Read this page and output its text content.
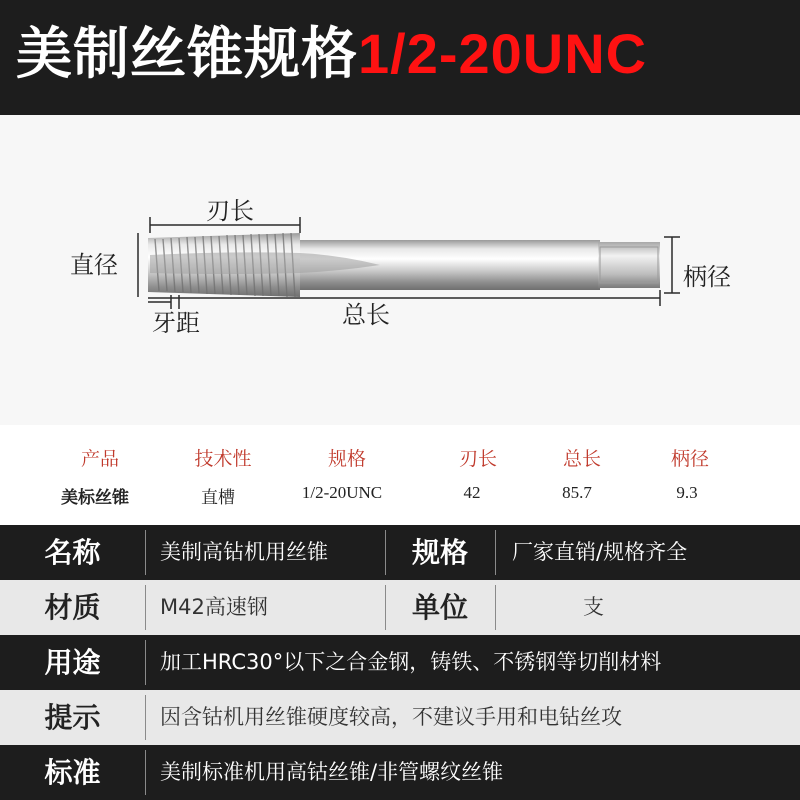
美制丝锥规格1/2-20UNC
刃长
直径	柄径
牙距	总长
产品	技术性	规格	刃长	总长	柄径
美标丝锥	直槽	1/2-20UNC	42	85.7	9.3
名称	美制高钻机用丝锥	规格	厂家直销/规格齐全
材质	M42高速钢	单位	支
用途	加工HRC30°以下之合金钢，铸铁、不锈钢等切削材料
提示	因含钴机用丝锥硬度较高，不建议手用和电钻丝攻
标准	美制标准机用高钴丝锥/非管螺纹丝锥
